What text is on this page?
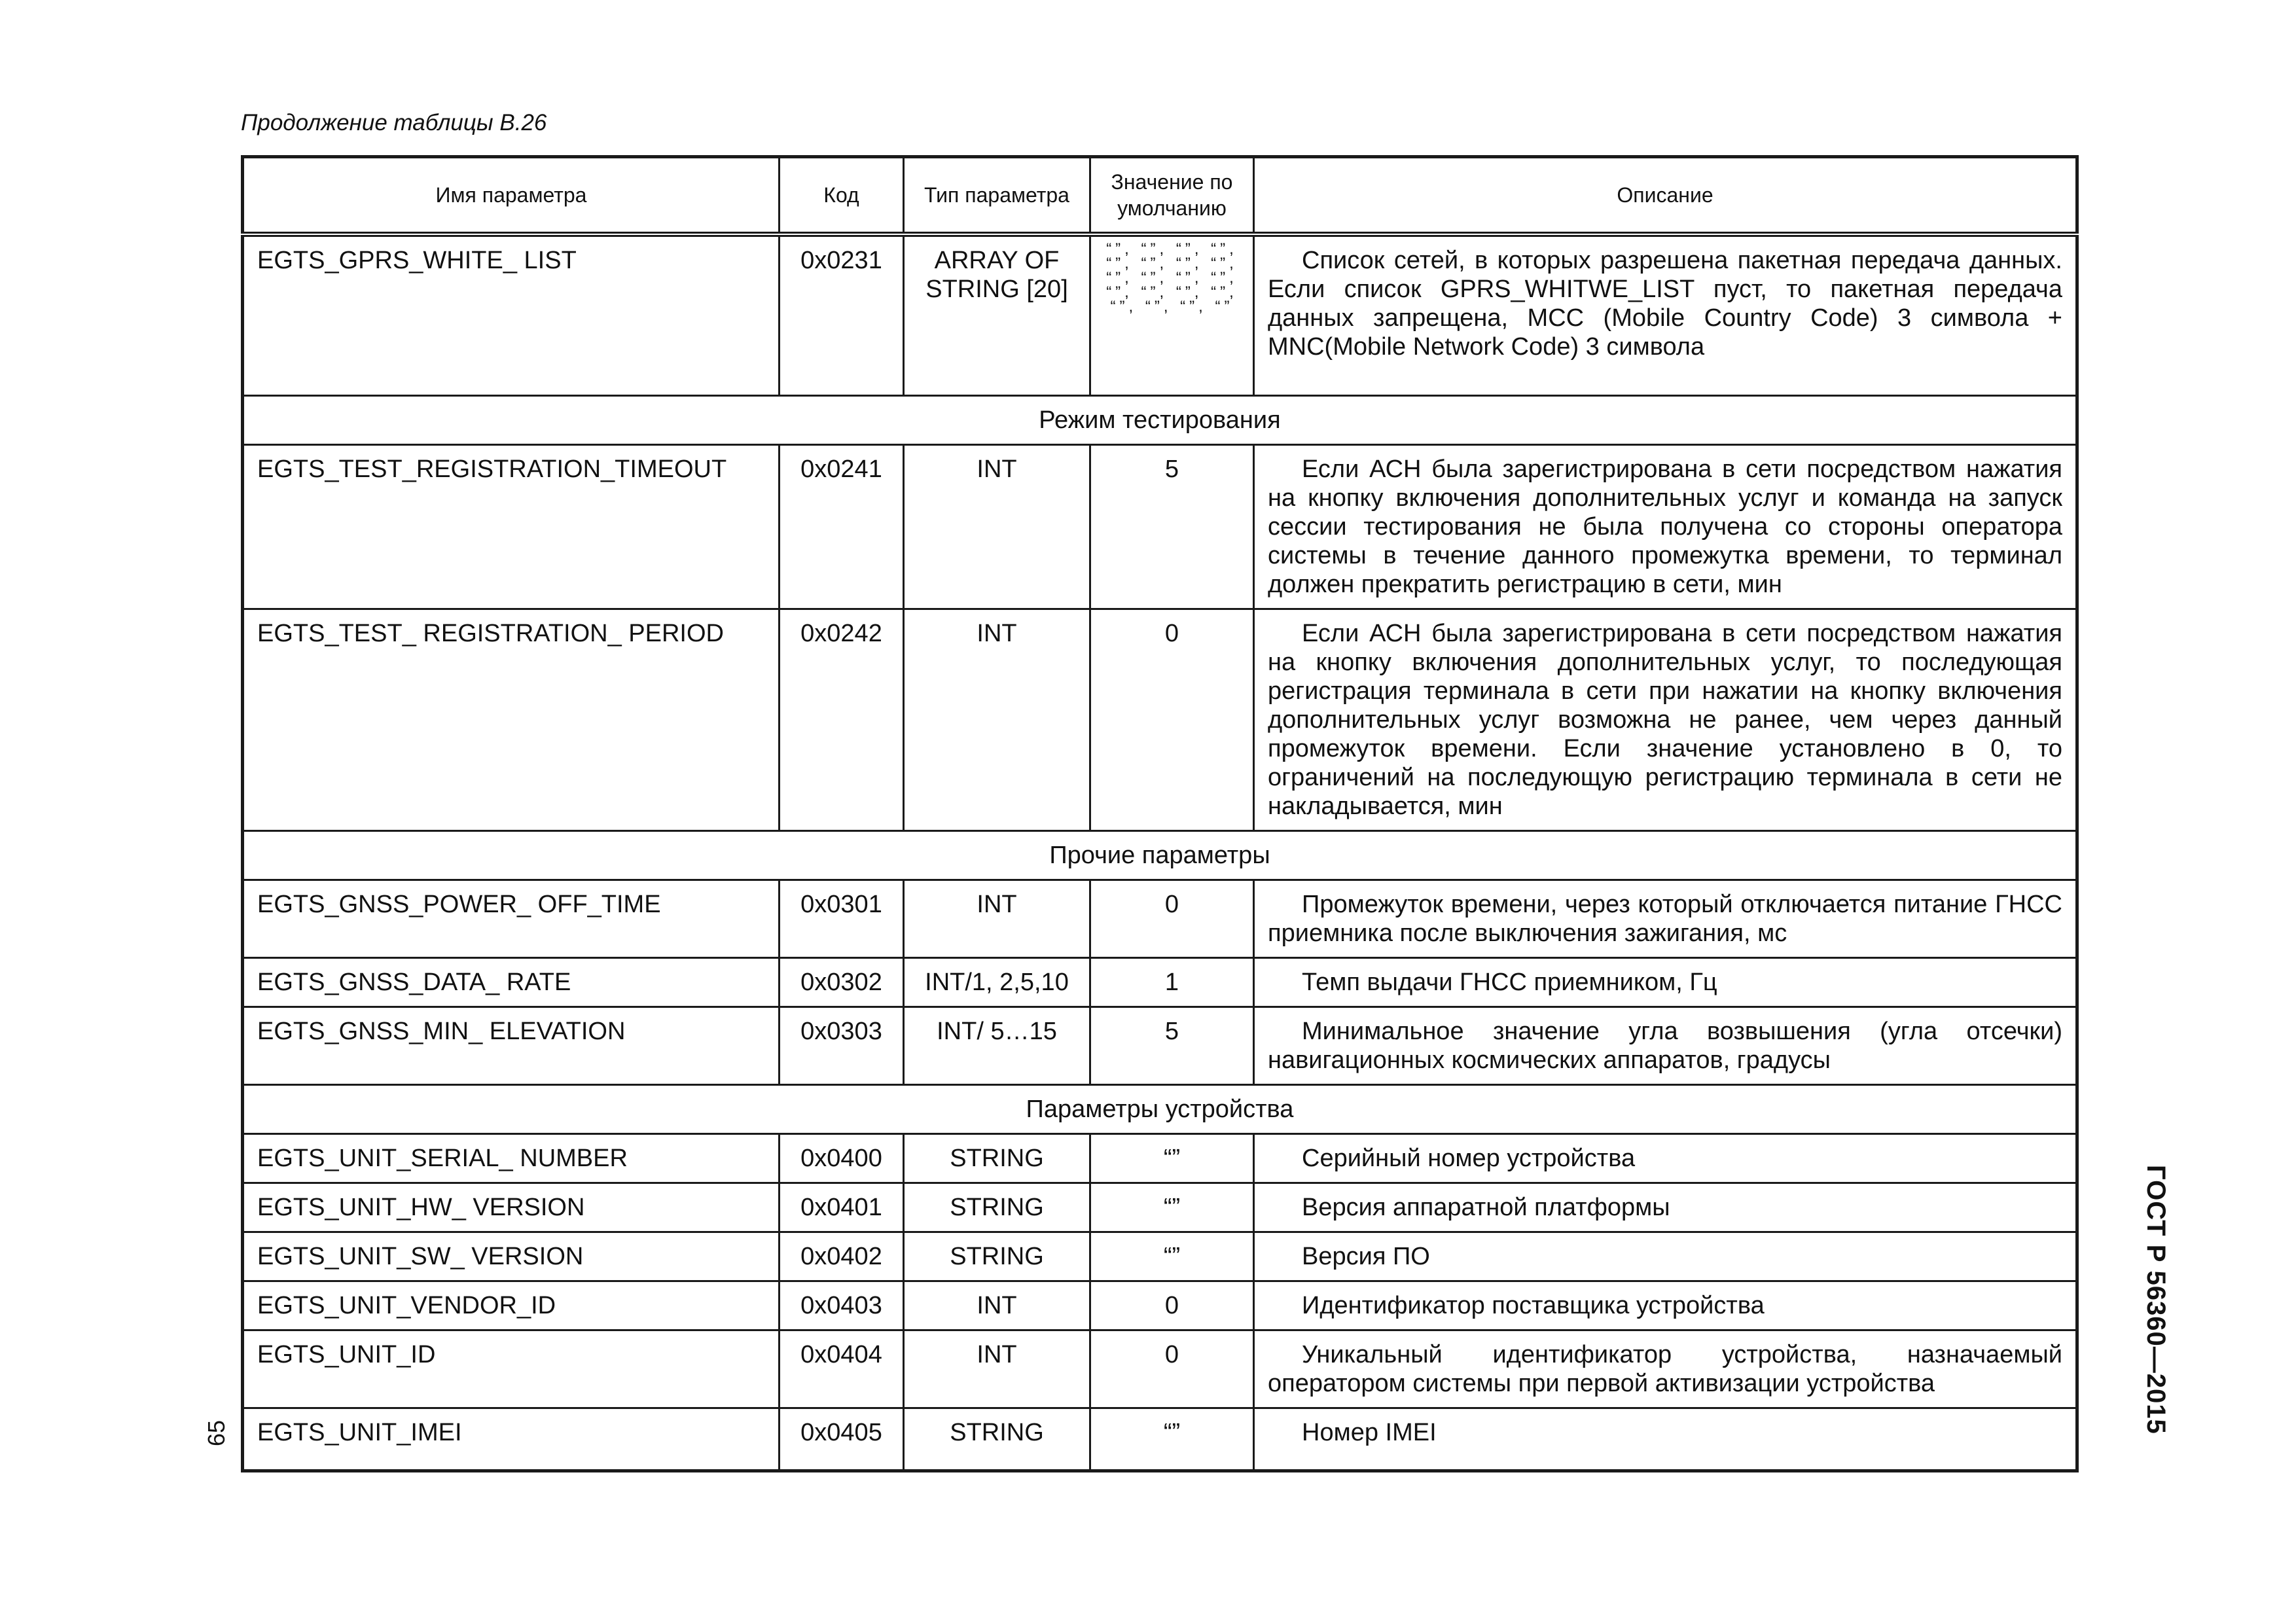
Продолжение таблицы В.26
Имя параметра	Код	Тип параметра	Значение по умолчанию	Описание
EGTS_GPRS_WHITE_ LIST	0x0231	ARRAY OF STRING [20]	“”, “”, “”, “”, “”, “”, “”, “”, “”, “”, “”, “”, “”, “”, “”, “”, “”, “”, “”, “”	Список сетей, в которых разрешена пакетная передача данных. Если список GPRS_WHITWE_LIST пуст, то пакетная передача данных запрещена, MCC (Mobile Country Code) 3 символа + MNC(Mobile Network Code) 3 символа
Режим тестирования				
EGTS_TEST_REGISTRATION_TIMEOUT	0x0241	INT	5	Если АСН была зарегистрирована в сети посредством нажатия на кнопку включения дополнительных услуг и команда на запуск сессии тестирования не была получена со стороны оператора системы в течение данного промежутка времени, то терминал должен прекратить регистрацию в сети, мин
EGTS_TEST_ REGISTRATION_ PERIOD	0x0242	INT	0	Если АСН была зарегистрирована в сети посредством нажатия на кнопку включения дополнительных услуг, то последующая регистрация терминала в сети при нажатии на кнопку включения дополнительных услуг возможна не ранее, чем через данный промежуток времени. Если значение установлено в 0, то ограничений на последующую регистрацию терминала в сети не накладывается, мин
Прочие параметры				
EGTS_GNSS_POWER_ OFF_TIME	0x0301	INT	0	Промежуток времени, через который отключается питание ГНСС приемника после выключения зажигания, мс
EGTS_GNSS_DATA_ RATE	0x0302	INT/1, 2,5,10	1	Темп выдачи ГНСС приемником, Гц
EGTS_GNSS_MIN_ ELEVATION	0x0303	INT/ 5…15	5	Минимальное значение угла возвышения (угла отсечки) навигационных космических аппаратов, градусы
Параметры устройства				
EGTS_UNIT_SERIAL_ NUMBER	0x0400	STRING	“”	Серийный номер устройства
EGTS_UNIT_HW_ VERSION	0x0401	STRING	“”	Версия аппаратной платформы
EGTS_UNIT_SW_ VERSION	0x0402	STRING	“”	Версия ПО
EGTS_UNIT_VENDOR_ID	0x0403	INT	0	Идентификатор поставщика устройства
EGTS_UNIT_ID	0x0404	INT	0	Уникальный идентификатор устройства, назначаемый оператором системы при первой активизации устройства
EGTS_UNIT_IMEI	0x0405	STRING	“”	Номер IMEI	ГОСТ Р 56360—2015
65
